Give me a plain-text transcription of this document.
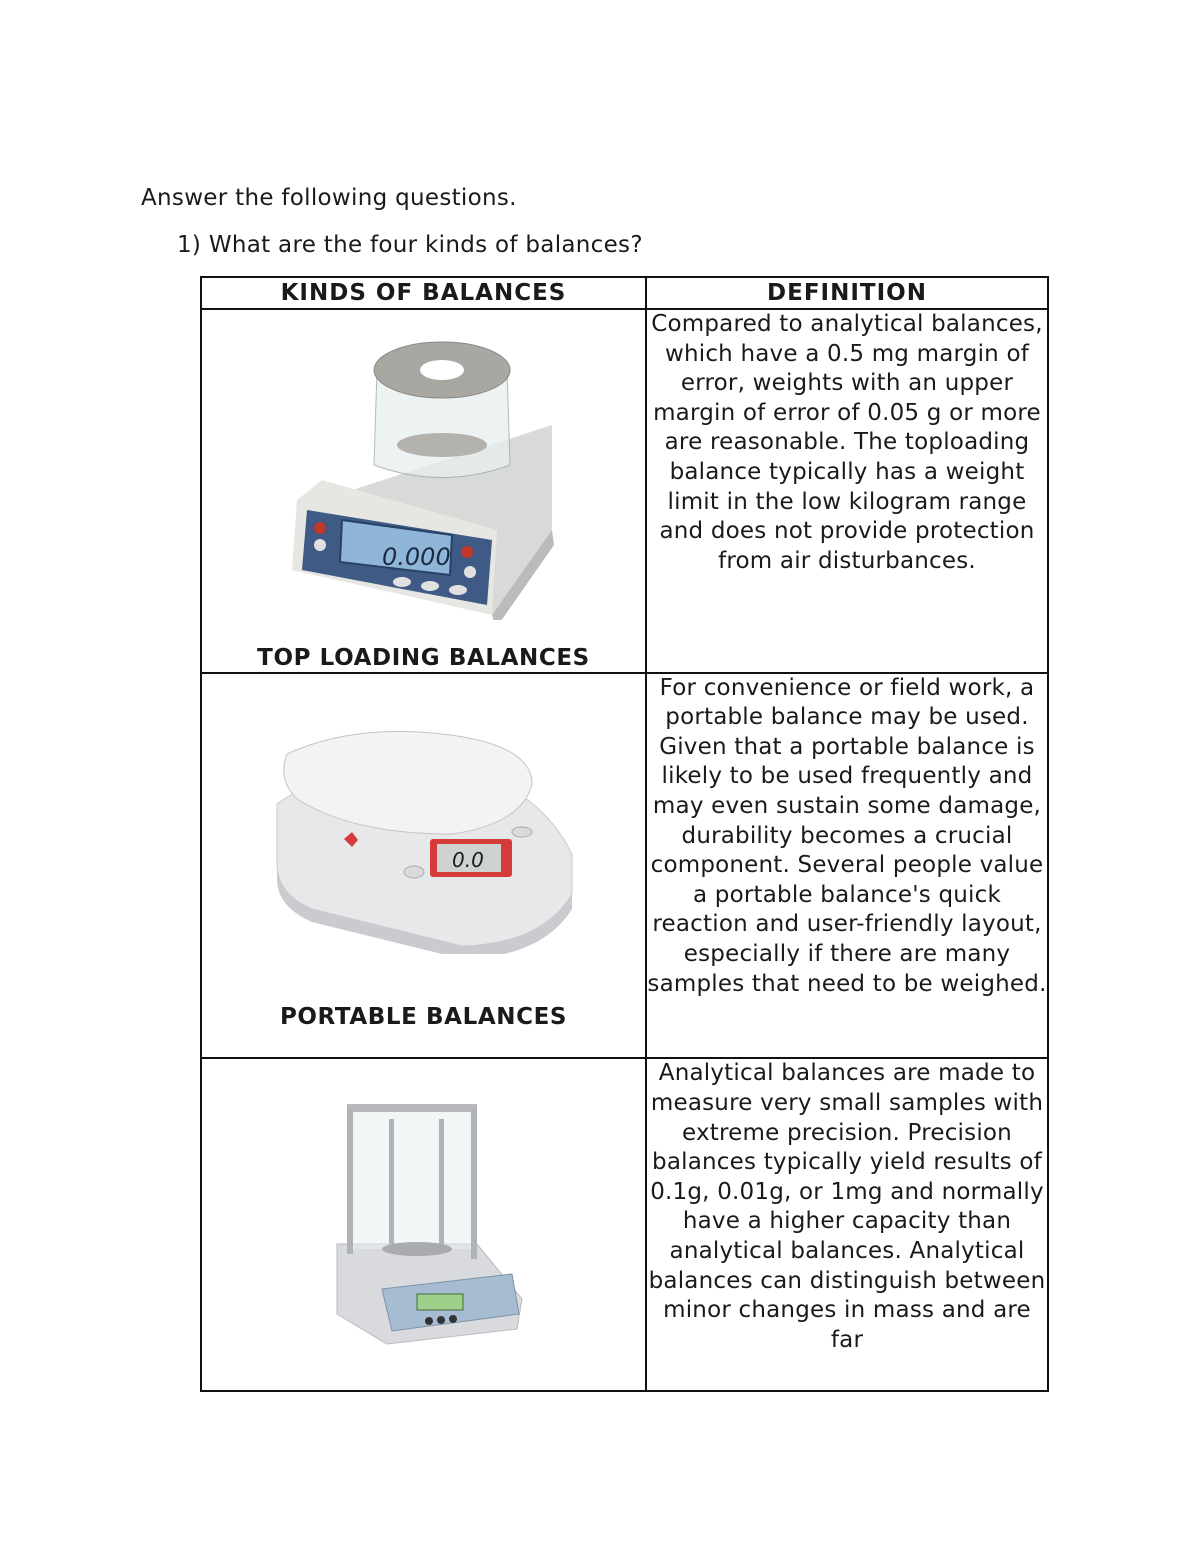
Answer the following questions.
1) What are the four kinds of balances?
KINDS OF BALANCES	DEFINITION

0.000
TOP LOADING BALANCES	Compared to analytical balances, which have a 0.5 mg margin of error, weights with an upper margin of error of 0.05 g or more are reasonable. The toploading balance typically has a weight limit in the low kilogram range and does not provide protection from air disturbances.

0.0
PORTABLE BALANCES	For convenience or field work, a portable balance may be used. Given that a portable balance is likely to be used frequently and may even sustain some damage, durability becomes a crucial component. Several people value a portable balance's quick reaction and user-friendly layout, especially if there are many samples that need to be weighed.

	Analytical balances are made to measure very small samples with extreme precision. Precision balances typically yield results of 0.1g, 0.01g, or 1mg and normally have a higher capacity than analytical balances. Analytical balances can distinguish between minor changes in mass and are far
